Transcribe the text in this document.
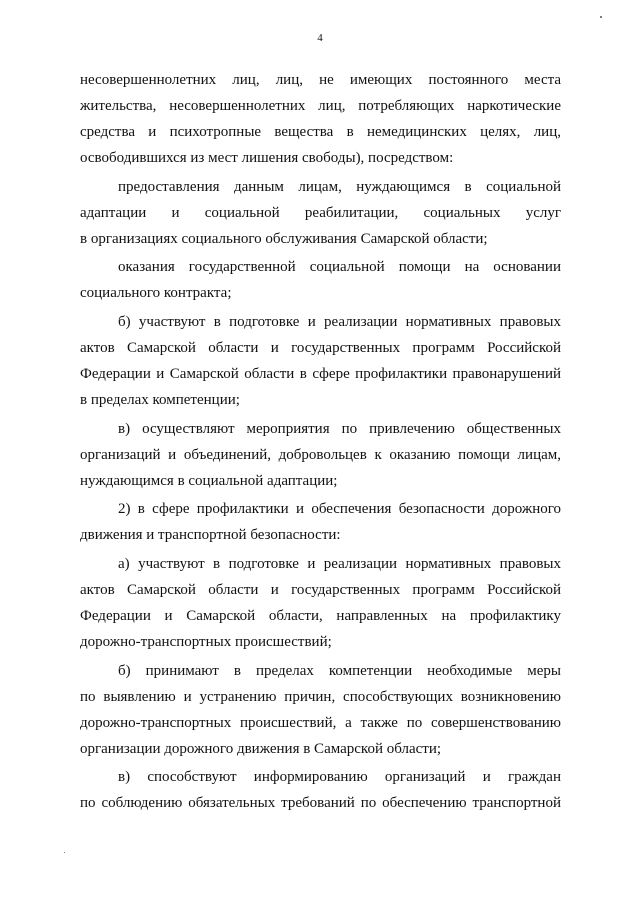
4
несовершеннолетних лиц, лиц, не имеющих постоянного места
жительства, несовершеннолетних лиц, потребляющих наркотические
средства и психотропные вещества в немедицинских целях, лиц,
освободившихся из мест лишения свободы), посредством:
предоставления данным лицам, нуждающимся в социальной
адаптации и социальной реабилитации, социальных услуг
в организациях социального обслуживания Самарской области;
оказания государственной социальной помощи на основании
социального контракта;
б) участвуют в подготовке и реализации нормативных правовых
актов Самарской области и государственных программ Российской
Федерации и Самарской области в сфере профилактики правонарушений
в пределах компетенции;
в) осуществляют мероприятия по привлечению общественных
организаций и объединений, добровольцев к оказанию помощи лицам,
нуждающимся в социальной адаптации;
2) в сфере профилактики и обеспечения безопасности дорожного
движения и транспортной безопасности:
а) участвуют в подготовке и реализации нормативных правовых
актов Самарской области и государственных программ Российской
Федерации и Самарской области, направленных на профилактику
дорожно-транспортных происшествий;
б) принимают в пределах компетенции необходимые меры
по выявлению и устранению причин, способствующих возникновению
дорожно-транспортных происшествий, а также по совершенствованию
организации дорожного движения в Самарской области;
в) способствуют информированию организаций и граждан
по соблюдению обязательных требований по обеспечению транспортной
